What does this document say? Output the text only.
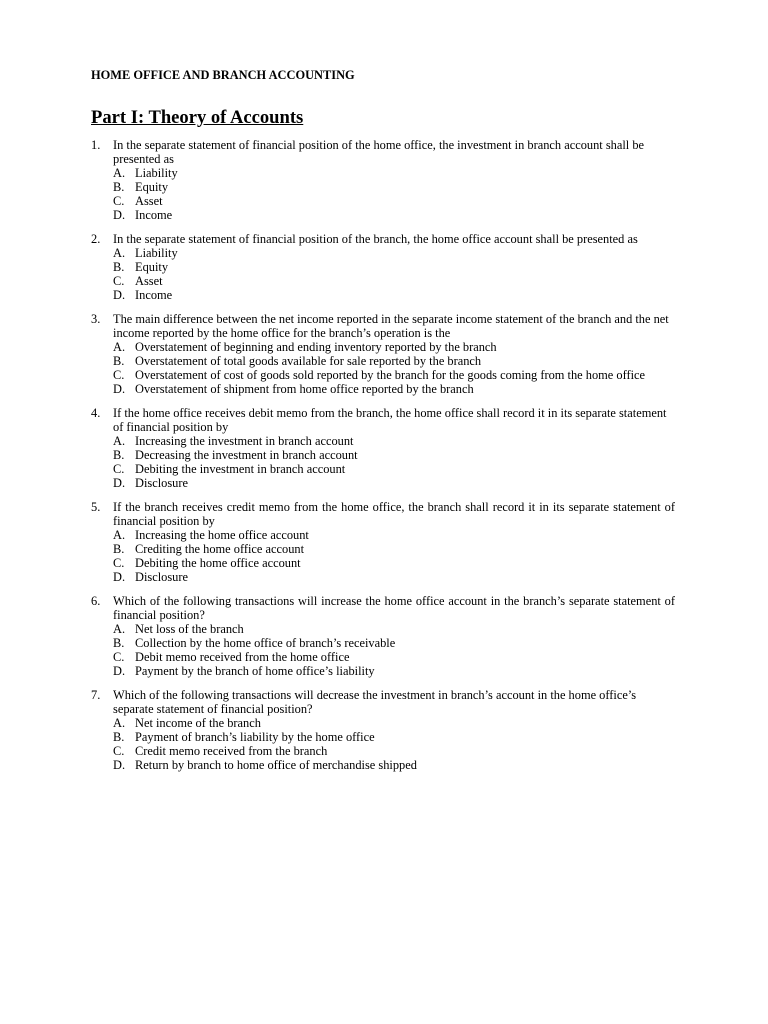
HOME OFFICE AND BRANCH ACCOUNTING
Part I: Theory of Accounts
1. In the separate statement of financial position of the home office, the investment in branch account shall be presented as
A. Liability
B. Equity
C. Asset
D. Income
2. In the separate statement of financial position of the branch, the home office account shall be presented as
A. Liability
B. Equity
C. Asset
D. Income
3. The main difference between the net income reported in the separate income statement of the branch and the net income reported by the home office for the branch’s operation is the
A. Overstatement of beginning and ending inventory reported by the branch
B. Overstatement of total goods available for sale reported by the branch
C. Overstatement of cost of goods sold reported by the branch for the goods coming from the home office
D. Overstatement of shipment from home office reported by the branch
4. If the home office receives debit memo from the branch, the home office shall record it in its separate statement of financial position by
A. Increasing the investment in branch account
B. Decreasing the investment in branch account
C. Debiting the investment in branch account
D. Disclosure
5. If the branch receives credit memo from the home office, the branch shall record it in its separate statement of financial position by
A. Increasing the home office account
B. Crediting the home office account
C. Debiting the home office account
D. Disclosure
6. Which of the following transactions will increase the home office account in the branch’s separate statement of financial position?
A. Net loss of the branch
B. Collection by the home office of branch’s receivable
C. Debit memo received from the home office
D. Payment by the branch of home office’s liability
7. Which of the following transactions will decrease the investment in branch’s account in the home office’s separate statement of financial position?
A. Net income of the branch
B. Payment of branch’s liability by the home office
C. Credit memo received from the branch
D. Return by branch to home office of merchandise shipped
